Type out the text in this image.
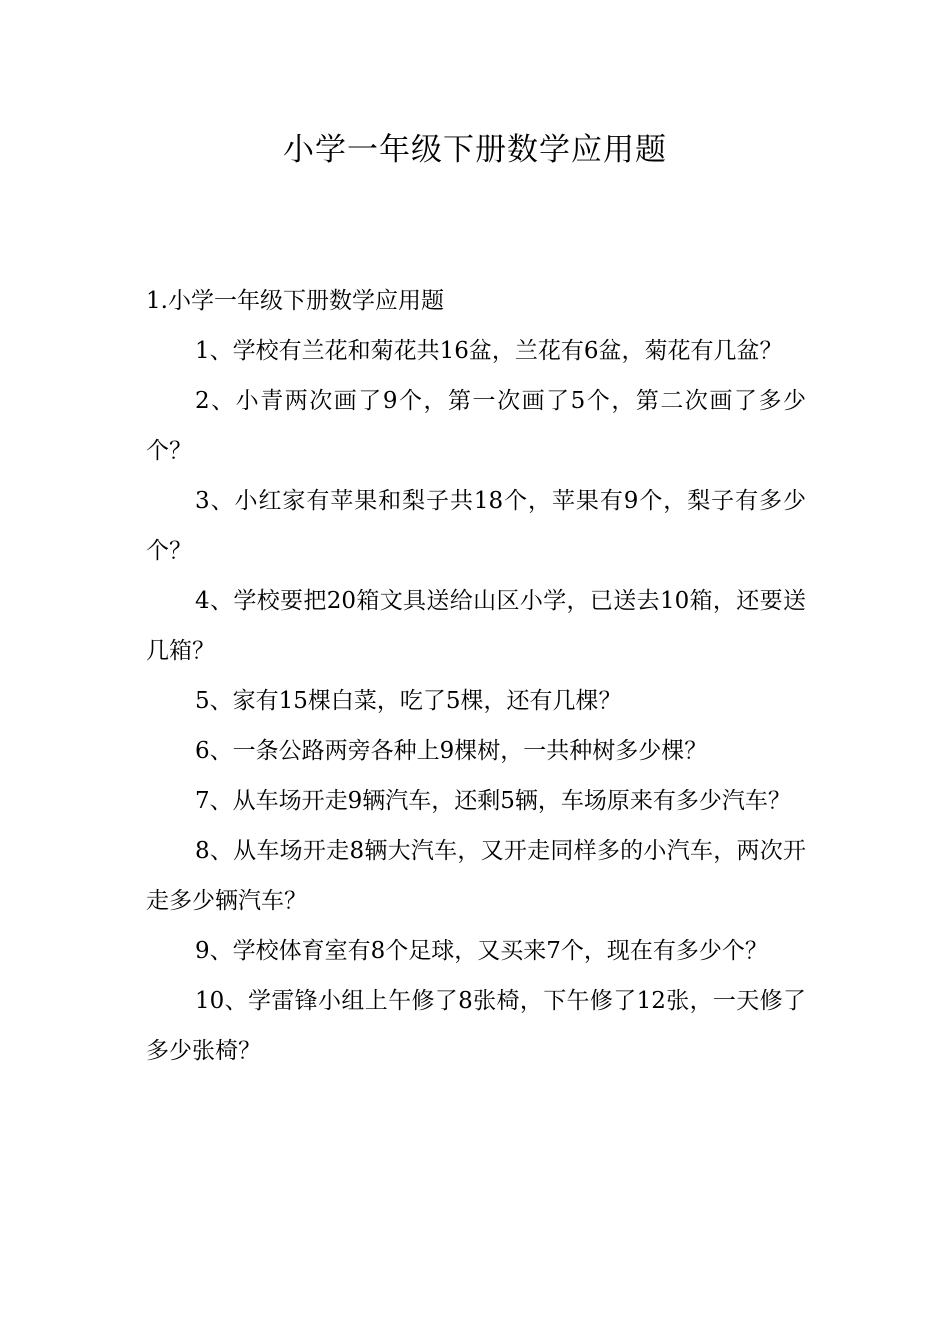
小学一年级下册数学应用题

1.小学一年级下册数学应用题

1、学校有兰花和菊花共16盆，兰花有6盆，菊花有几盆？

2、小青两次画了9个，第一次画了5个，第二次画了多少个？

3、小红家有苹果和梨子共18个，苹果有9个，梨子有多少个？

4、学校要把20箱文具送给山区小学，已送去10箱，还要送几箱？

5、家有15棵白菜，吃了5棵，还有几棵？

6、一条公路两旁各种上9棵树，一共种树多少棵？

7、从车场开走9辆汽车，还剩5辆，车场原来有多少汽车？

8、从车场开走8辆大汽车，又开走同样多的小汽车，两次开走多少辆汽车？

9、学校体育室有8个足球，又买来7个，现在有多少个？

10、学雷锋小组上午修了8张椅，下午修了12张，一天修了多少张椅？
